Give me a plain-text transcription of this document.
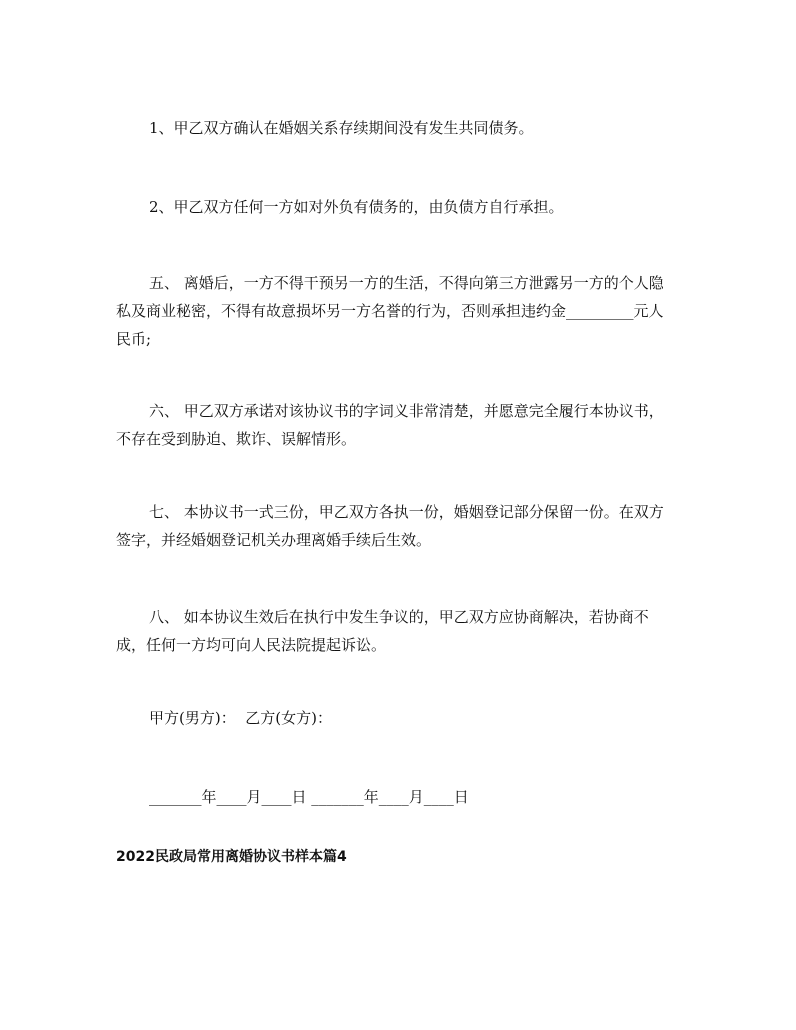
1、甲乙双方确认在婚姻关系存续期间没有发生共同债务。

2、甲乙双方任何一方如对外负有债务的，由负债方自行承担。

五、 离婚后，一方不得干预另一方的生活，不得向第三方泄露另一方的个人隐私及商业秘密，不得有故意损坏另一方名誉的行为，否则承担违约金_________元人民币;

六、 甲乙双方承诺对该协议书的字词义非常清楚，并愿意完全履行本协议书，不存在受到胁迫、欺诈、误解情形。

七、 本协议书一式三份，甲乙双方各执一份，婚姻登记部分保留一份。在双方签字，并经婚姻登记机关办理离婚手续后生效。

八、 如本协议生效后在执行中发生争议的，甲乙双方应协商解决，若协商不成，任何一方均可向人民法院提起诉讼。

甲方(男方)：  乙方(女方)：

_______年____月____日 _______年____月____日

2022民政局常用离婚协议书样本篇4
